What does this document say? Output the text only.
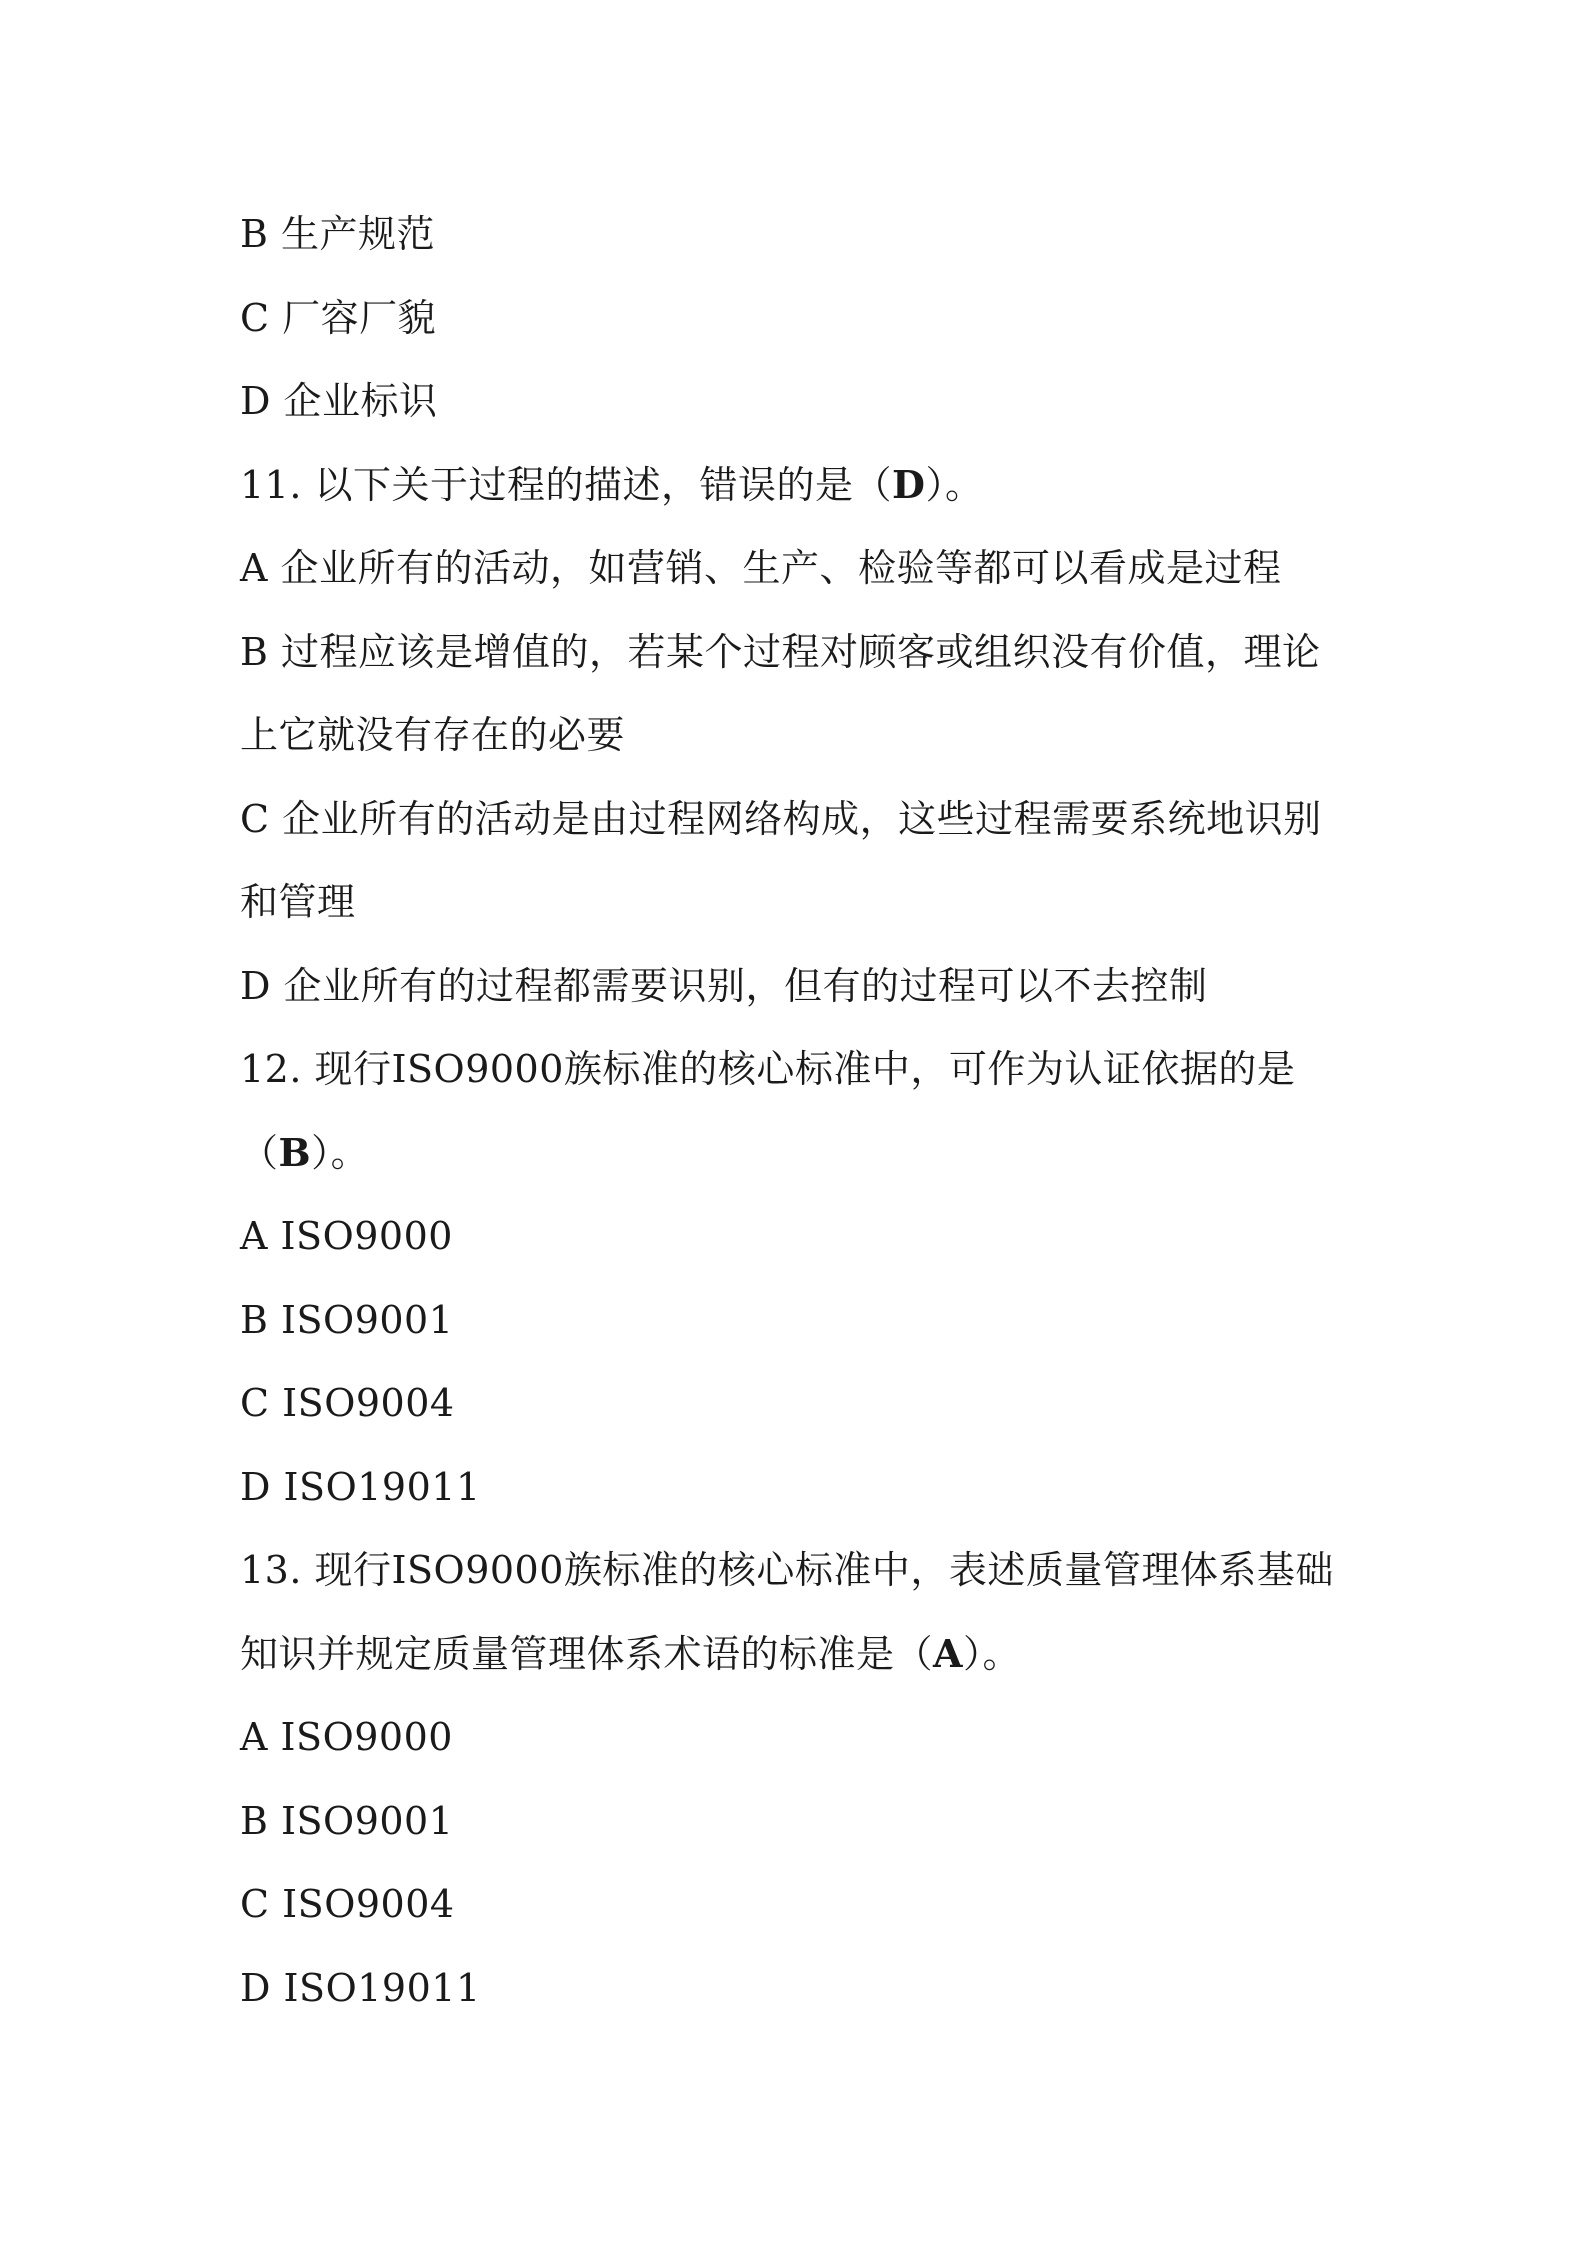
B 生产规范
C 厂容厂貌
D 企业标识
11. 以下关于过程的描述，错误的是（D）。
A 企业所有的活动，如营销、生产、检验等都可以看成是过程
B 过程应该是增值的，若某个过程对顾客或组织没有价值，理论
上它就没有存在的必要
C 企业所有的活动是由过程网络构成，这些过程需要系统地识别
和管理
D 企业所有的过程都需要识别，但有的过程可以不去控制
12. 现行ISO9000族标准的核心标准中，可作为认证依据的是
（B）。
A ISO9000
B ISO9001
C ISO9004
D ISO19011
13. 现行ISO9000族标准的核心标准中，表述质量管理体系基础
知识并规定质量管理体系术语的标准是（A）。
A ISO9000
B ISO9001
C ISO9004
D ISO19011
